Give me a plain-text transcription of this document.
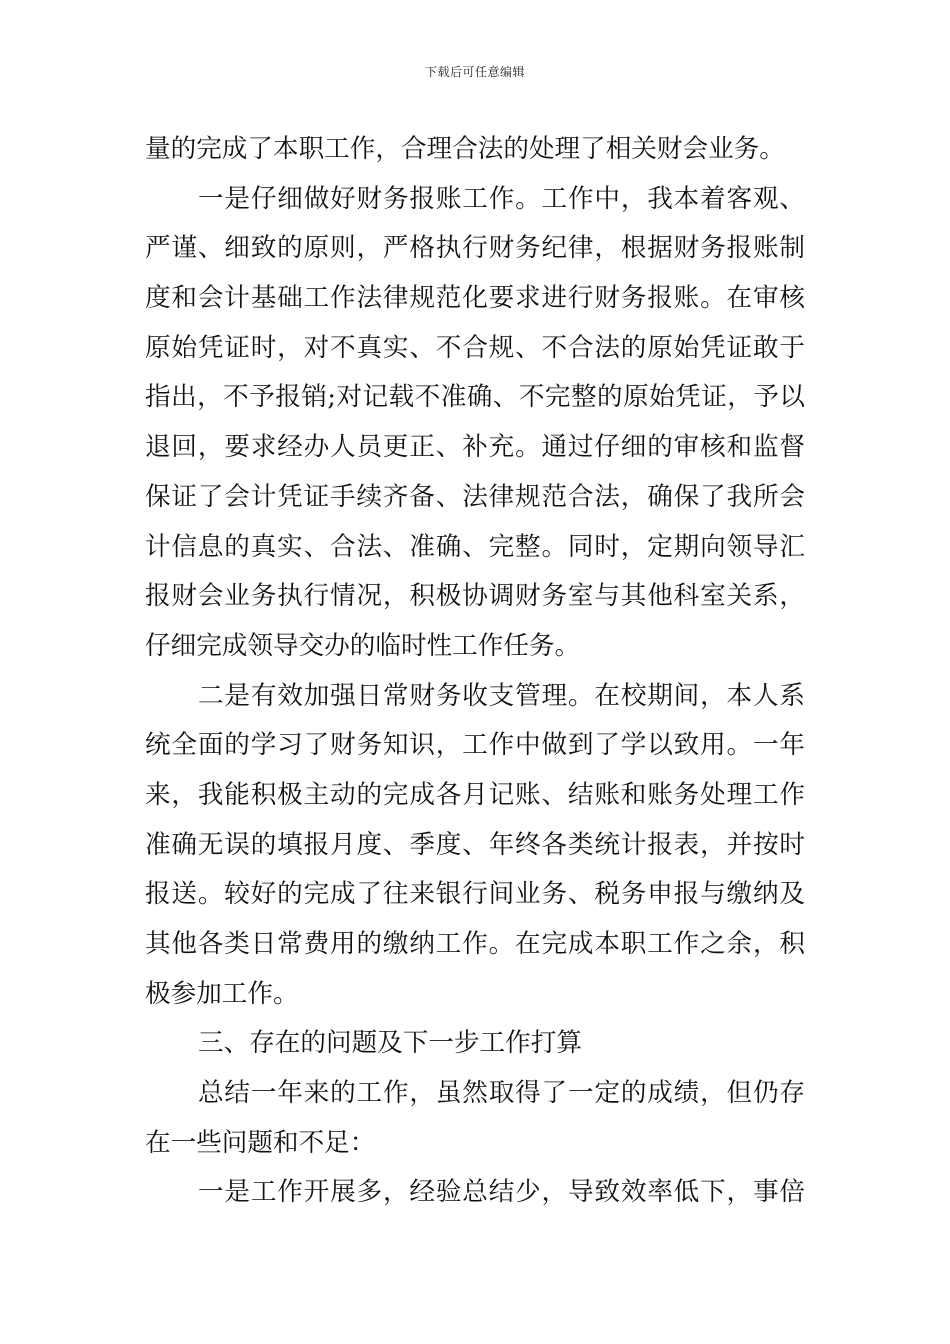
下载后可任意编辑
量的完成了本职工作，合理合法的处理了相关财会业务。
一是仔细做好财务报账工作。工作中，我本着客观、
严谨、细致的原则，严格执行财务纪律，根据财务报账制
度和会计基础工作法律规范化要求进行财务报账。在审核
原始凭证时，对不真实、不合规、不合法的原始凭证敢于
指出，不予报销;对记载不准确、不完整的原始凭证，予以
退回，要求经办人员更正、补充。通过仔细的审核和监督
保证了会计凭证手续齐备、法律规范合法，确保了我所会
计信息的真实、合法、准确、完整。同时，定期向领导汇
报财会业务执行情况，积极协调财务室与其他科室关系，
仔细完成领导交办的临时性工作任务。
二是有效加强日常财务收支管理。在校期间，本人系
统全面的学习了财务知识，工作中做到了学以致用。一年
来，我能积极主动的完成各月记账、结账和账务处理工作
准确无误的填报月度、季度、年终各类统计报表，并按时
报送。较好的完成了往来银行间业务、税务申报与缴纳及
其他各类日常费用的缴纳工作。在完成本职工作之余，积
极参加工作。
三、存在的问题及下一步工作打算
总结一年来的工作，虽然取得了一定的成绩，但仍存
在一些问题和不足：
一是工作开展多，经验总结少，导致效率低下，事倍
